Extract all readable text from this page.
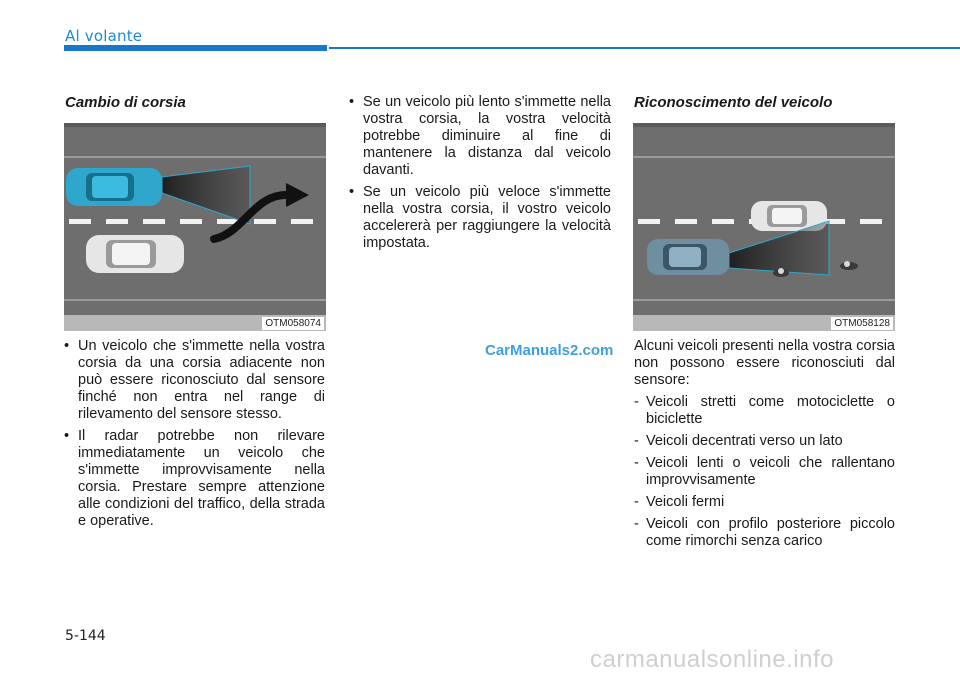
Al volante
Cambio di corsia
OTM058074
• Un veicolo che s'immette nella vostra corsia da una corsia adiacente non può essere riconosciuto dal sensore finché non entra nel range di rilevamento del sensore stesso.
• Il radar potrebbe non rilevare immediatamente un veicolo che s'immette improvvisamente nella corsia. Prestare sempre attenzione alle condizioni del traffico, della strada e operative.
• Se un veicolo più lento s'immette nella vostra corsia, la vostra velocità potrebbe diminuire al fine di mantenere la distanza dal veicolo davanti.
• Se un veicolo più veloce s'immette nella vostra corsia, il vostro veicolo accelererà per raggiungere la velocità impostata.
CarManuals2.com
Riconoscimento del veicolo
OTM058128

Alcuni veicoli presenti nella vostra corsia non possono essere riconosciuti dal sensore:

- Veicoli stretti come motociclette o biciclette
- Veicoli decentrati verso un lato
- Veicoli lenti o veicoli che rallentano improvvisamente
- Veicoli fermi
- Veicoli con profilo posteriore piccolo come rimorchi senza carico
5-144
carmanualsonline.info
